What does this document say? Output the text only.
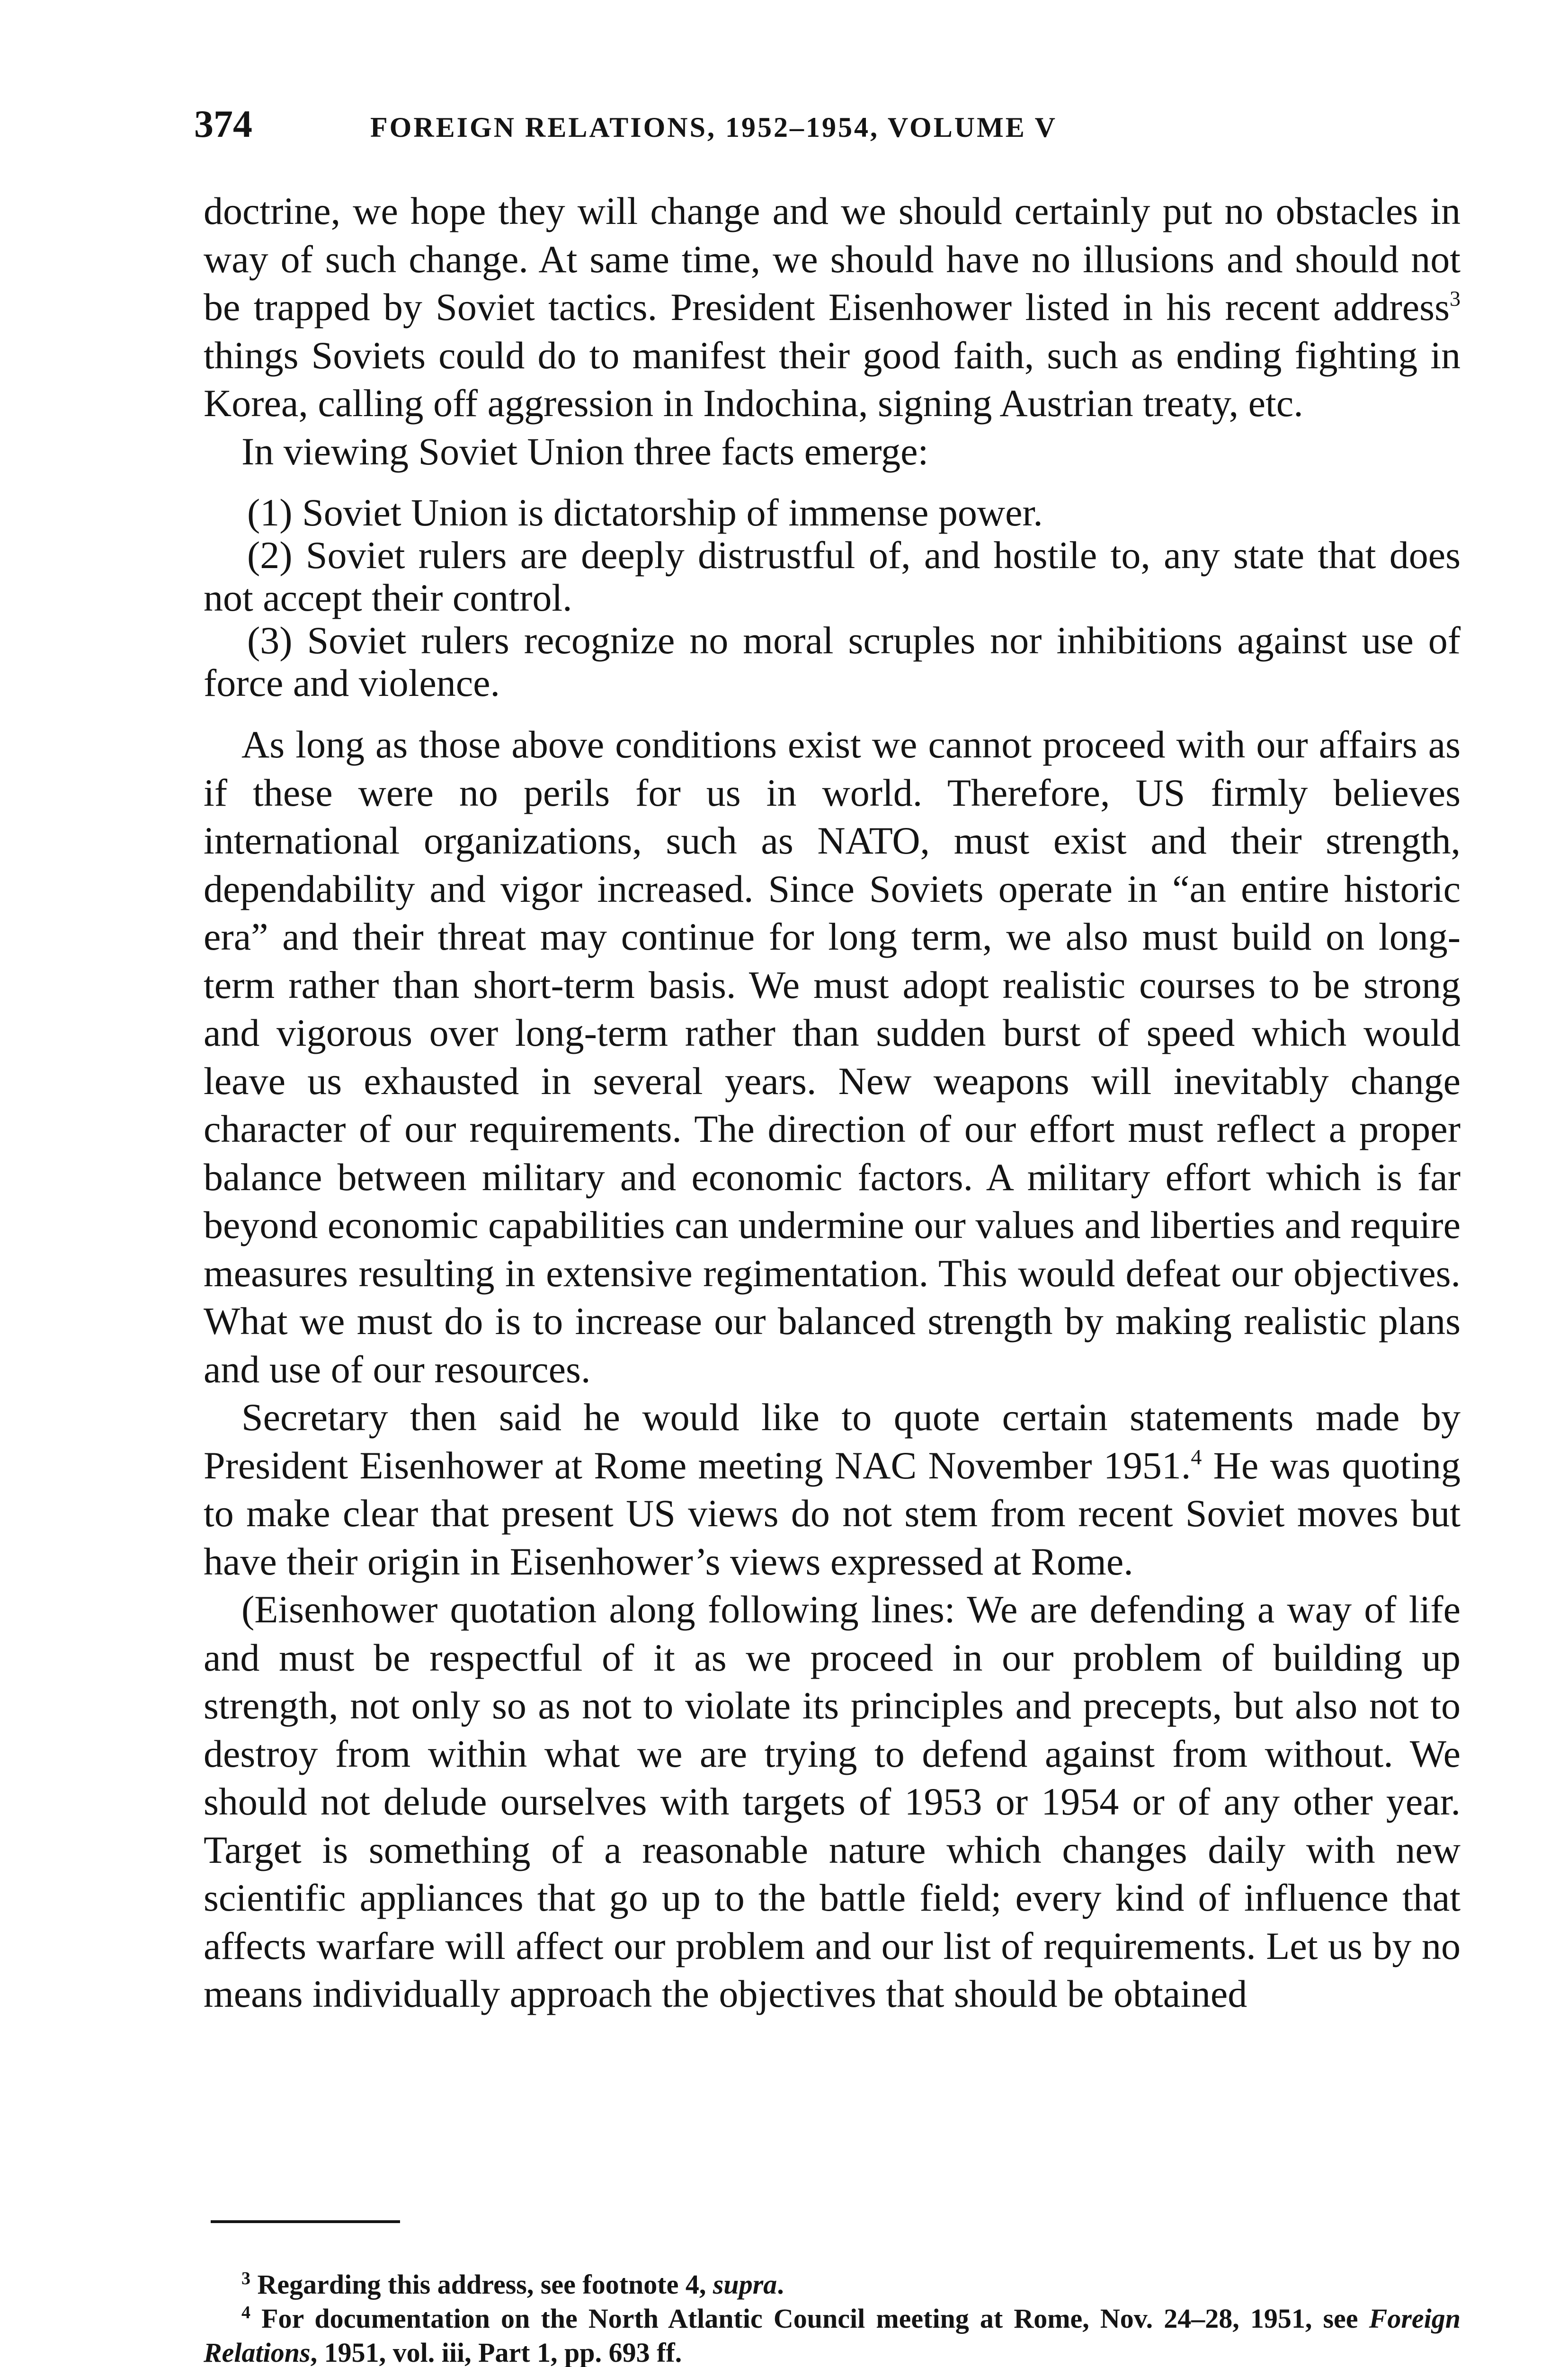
374	FOREIGN RELATIONS, 1952–1954, VOLUME V

doctrine, we hope they will change and we should certainly put no obstacles in way of such change. At same time, we should have no illusions and should not be trapped by Soviet tactics. President Eisenhower listed in his recent address$^3$ things Soviets could do to manifest their good faith, such as ending fighting in Korea, calling off aggression in Indochina, signing Austrian treaty, etc.

In viewing Soviet Union three facts emerge:

(1) Soviet Union is dictatorship of immense power.

(2) Soviet rulers are deeply distrustful of, and hostile to, any state that does not accept their control.

(3) Soviet rulers recognize no moral scruples nor inhibitions against use of force and violence.

As long as those above conditions exist we cannot proceed with our affairs as if these were no perils for us in world. Therefore, US firmly believes international organizations, such as NATO, must exist and their strength, dependability and vigor increased. Since Soviets operate in “an entire historic era” and their threat may continue for long term, we also must build on long-term rather than short-term basis. We must adopt realistic courses to be strong and vigorous over long-term rather than sudden burst of speed which would leave us exhausted in several years. New weapons will inevitably change character of our requirements. The direction of our effort must reflect a proper balance between military and economic factors. A military effort which is far beyond economic capabilities can undermine our values and liberties and require measures resulting in extensive regimentation. This would defeat our objectives. What we must do is to increase our balanced strength by making realistic plans and use of our resources.

Secretary then said he would like to quote certain statements made by President Eisenhower at Rome meeting NAC November 1951.$^4$ He was quoting to make clear that present US views do not stem from recent Soviet moves but have their origin in Eisenhower’s views expressed at Rome.

(Eisenhower quotation along following lines: We are defending a way of life and must be respectful of it as we proceed in our problem of building up strength, not only so as not to violate its principles and precepts, but also not to destroy from within what we are trying to defend against from without. We should not delude ourselves with targets of 1953 or 1954 or of any other year. Target is something of a reasonable nature which changes daily with new scientific appliances that go up to the battle field; every kind of influence that affects warfare will affect our problem and our list of requirements. Let us by no means individually approach the objectives that should be obtained

$^3$ Regarding this address, see footnote 4, supra.

$^4$ For documentation on the North Atlantic Council meeting at Rome, Nov. 24–28, 1951, see Foreign Relations, 1951, vol. iii, Part 1, pp. 693 ff.
